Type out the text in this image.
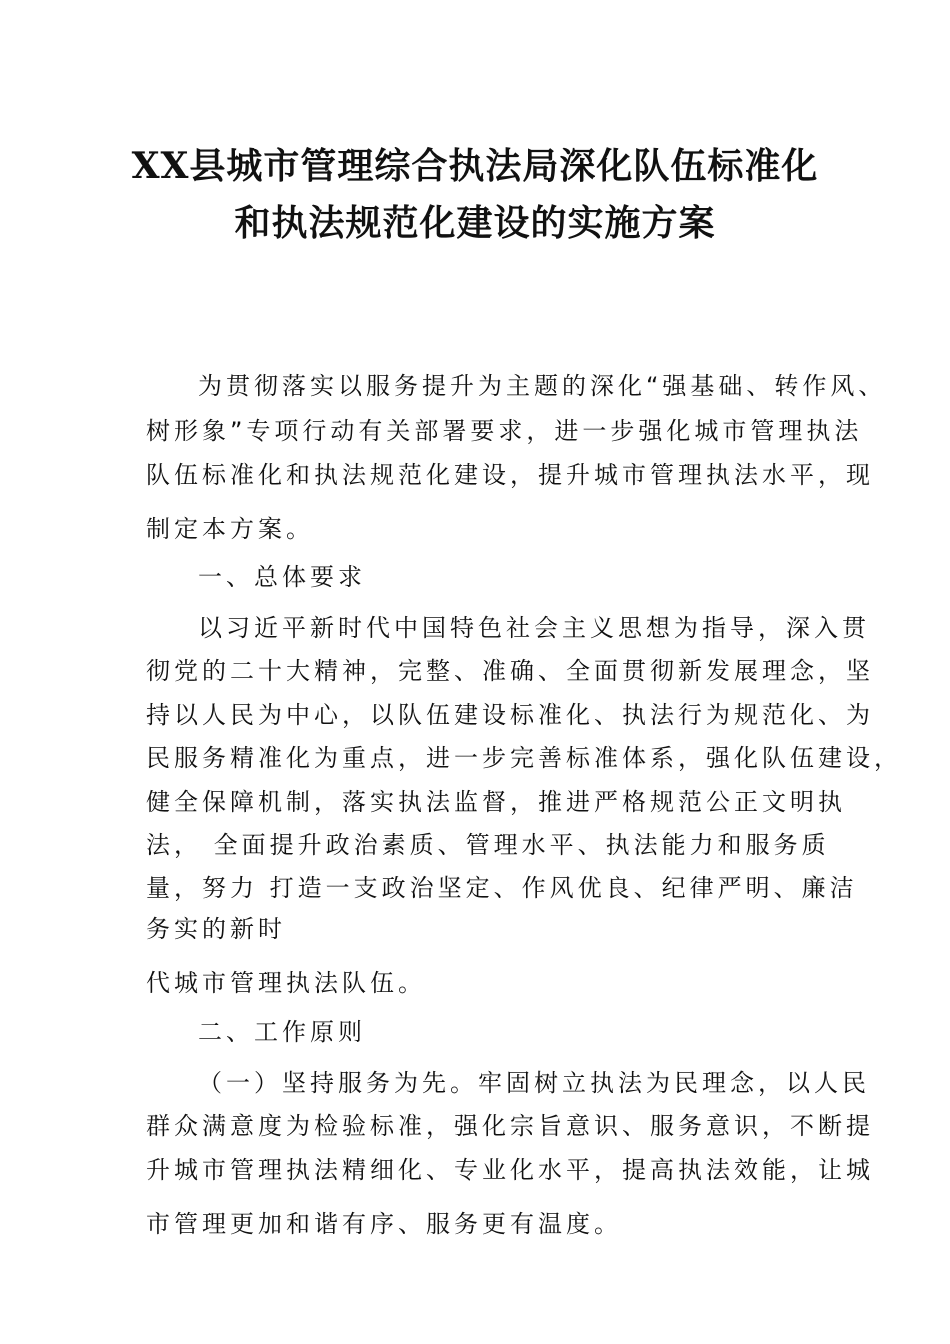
XX县城市管理综合执法局深化队伍标准化
和执法规范化建设的实施方案
为贯彻落实以服务提升为主题的深化“强基础、转作风、
树形象”专项行动有关部署要求，进一步强化城市管理执法
队伍标准化和执法规范化建设，提升城市管理执法水平，现
制定本方案。
一、总体要求
以习近平新时代中国特色社会主义思想为指导，深入贯
彻党的二十大精神，完整、准确、全面贯彻新发展理念，坚
持以人民为中心，以队伍建设标准化、执法行为规范化、为
民服务精准化为重点，进一步完善标准体系，强化队伍建设，
健全保障机制，落实执法监督，推进严格规范公正文明执
法， 全面提升政治素质、管理水平、执法能力和服务质
量，努力 打造一支政治坚定、作风优良、纪律严明、廉洁
务实的新时
代城市管理执法队伍。
二、工作原则
（一）坚持服务为先。牢固树立执法为民理念，以人民
群众满意度为检验标准，强化宗旨意识、服务意识，不断提
升城市管理执法精细化、专业化水平，提高执法效能，让城
市管理更加和谐有序、服务更有温度。
